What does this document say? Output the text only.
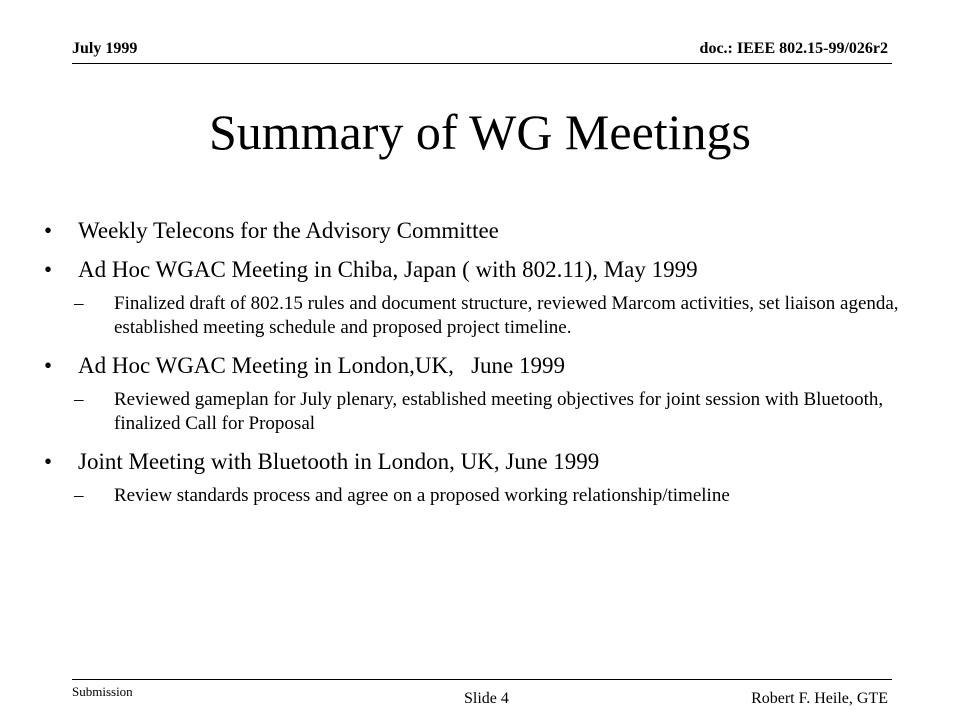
July 1999	doc.: IEEE 802.15-99/026r2
Summary of WG Meetings
• Weekly Telecons for the Advisory Committee
• Ad Hoc WGAC Meeting in Chiba, Japan ( with 802.11), May 1999
– Finalized draft of 802.15 rules and document structure, reviewed Marcom activities, set liaison agenda, established meeting schedule and proposed project timeline.
• Ad Hoc WGAC Meeting in London,UK,   June 1999
– Reviewed gameplan for July plenary, established meeting objectives for joint session with Bluetooth, finalized Call for Proposal
• Joint Meeting with Bluetooth in London, UK, June 1999
– Review standards process and agree on a proposed working relationship/timeline
Submission	Slide 4	Robert F. Heile, GTE
